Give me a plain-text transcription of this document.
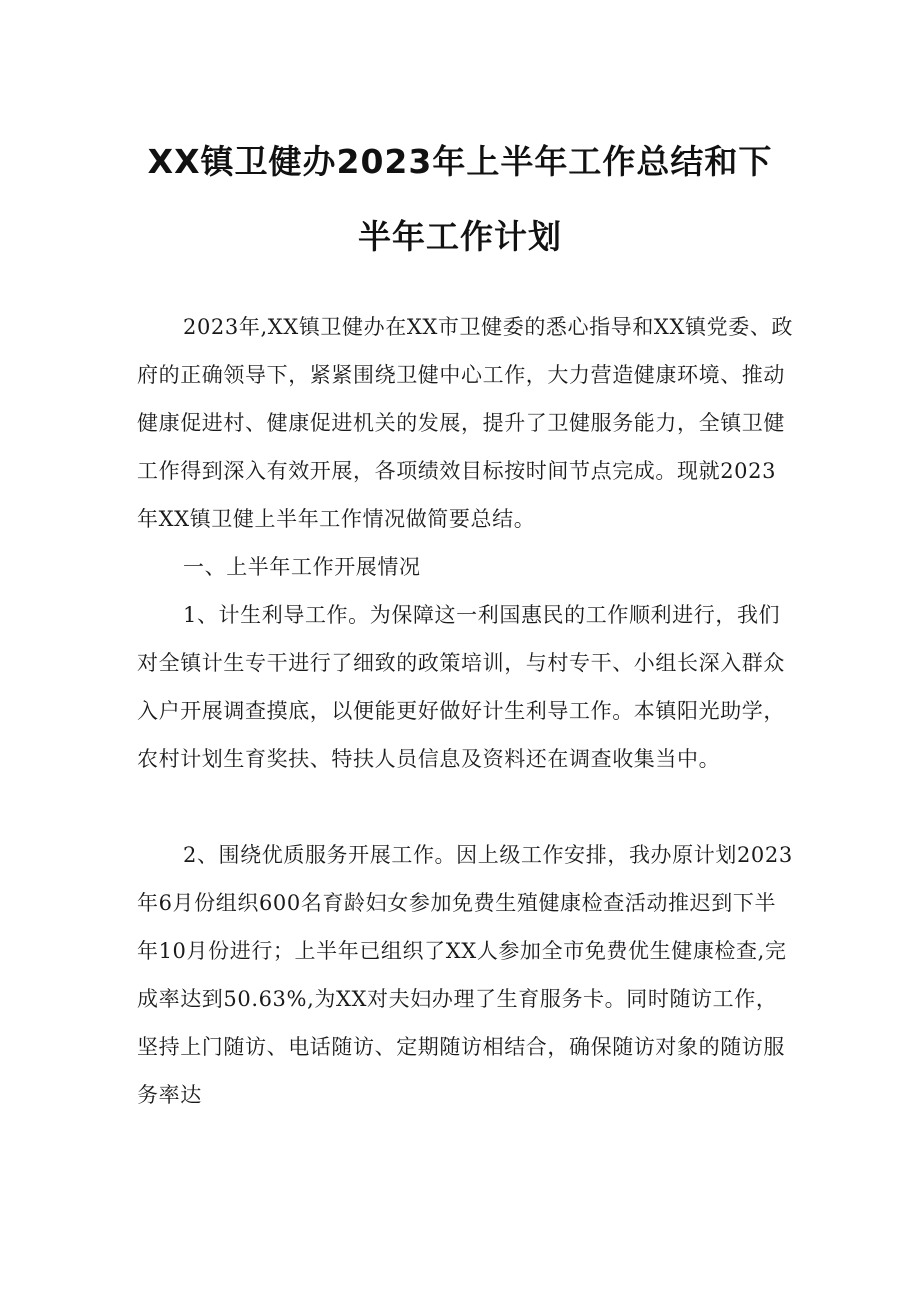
XX镇卫健办2023年上半年工作总结和下
半年工作计划

2023年,XX镇卫健办在XX市卫健委的悉心指导和XX镇党委、政府的正确领导下，紧紧围绕卫健中心工作，大力营造健康环境、推动健康促进村、健康促进机关的发展，提升了卫健服务能力，全镇卫健工作得到深入有效开展，各项绩效目标按时间节点完成。现就2023年XX镇卫健上半年工作情况做简要总结。

一、上半年工作开展情况

1、计生利导工作。为保障这一利国惠民的工作顺利进行，我们对全镇计生专干进行了细致的政策培训，与村专干、小组长深入群众入户开展调查摸底，以便能更好做好计生利导工作。本镇阳光助学，农村计划生育奖扶、特扶人员信息及资料还在调查收集当中。

2、围绕优质服务开展工作。因上级工作安排，我办原计划2023年6月份组织600名育龄妇女参加免费生殖健康检查活动推迟到下半年10月份进行；上半年已组织了XX人参加全市免费优生健康检查,完成率达到50.63%,为XX对夫妇办理了生育服务卡。同时随访工作，坚持上门随访、电话随访、定期随访相结合，确保随访对象的随访服务率达
